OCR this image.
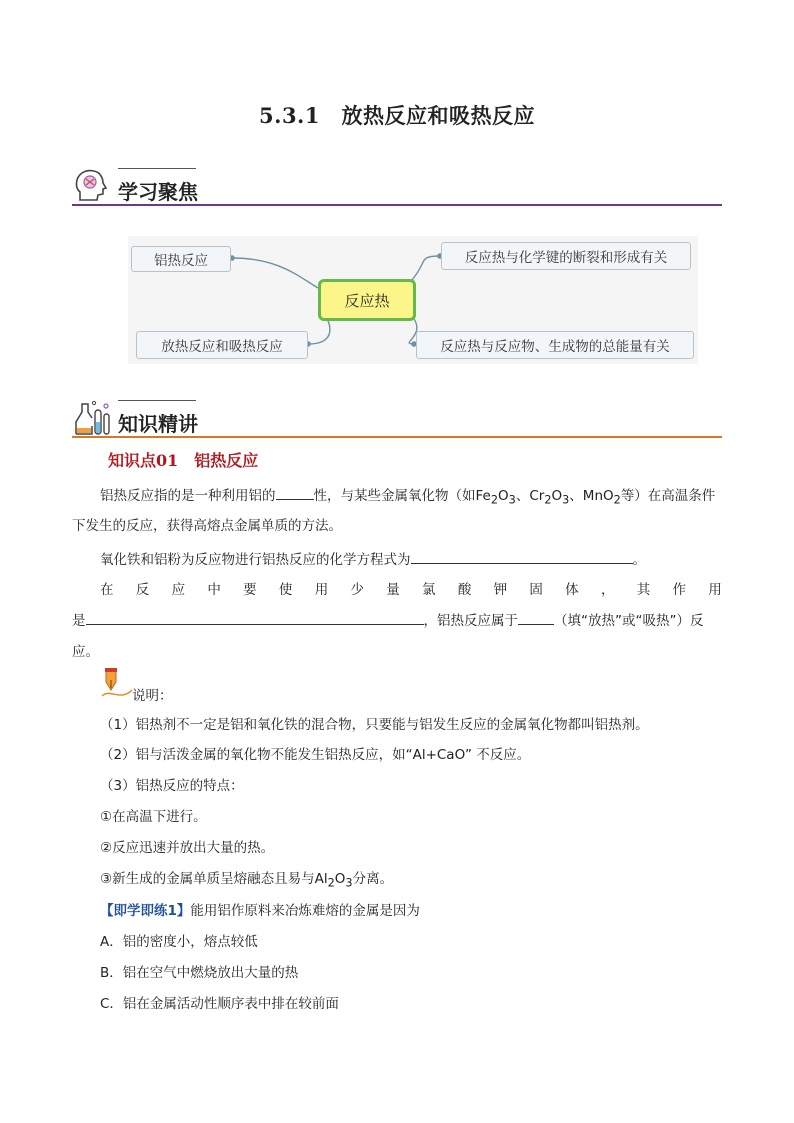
5.3.1　放热反应和吸热反应
学习聚焦
铝热反应
放热反应和吸热反应
反应热
反应热与化学键的断裂和形成有关
反应热与反应物、生成物的总能量有关
知识精讲
知识点01　铝热反应
铝热反应指的是一种利用铝的	性，与某些金属氧化物（如$Fe_2O_3$、$Cr_2O_3$、MnO$_2$等）在高温条件
下发生的反应，获得高熔点金属单质的方法。
氧化铁和铝粉为反应物进行铝热反应的化学方程式为	。
在 反 应 中 要 使 用 少 量 氯 酸 钾 固 体 ， 其 作 用
是	，铝热反应属于	（填“放热”或“吸热”）反
应。
说明：
（1）铝热剂不一定是铝和氧化铁的混合物，只要能与铝发生反应的金属氧化物都叫铝热剂。
（2）铝与活泼金属的氧化物不能发生铝热反应，如“Al+CaO” 不反应。
（3）铝热反应的特点：
①在高温下进行。
②反应迅速并放出大量的热。
③新生成的金属单质呈熔融态且易与$Al_2O_3$分离。
【即学即练1】能用铝作原料来冶炼难熔的金属是因为
A．铝的密度小，熔点较低
B．铝在空气中燃烧放出大量的热
C．铝在金属活动性顺序表中排在较前面
